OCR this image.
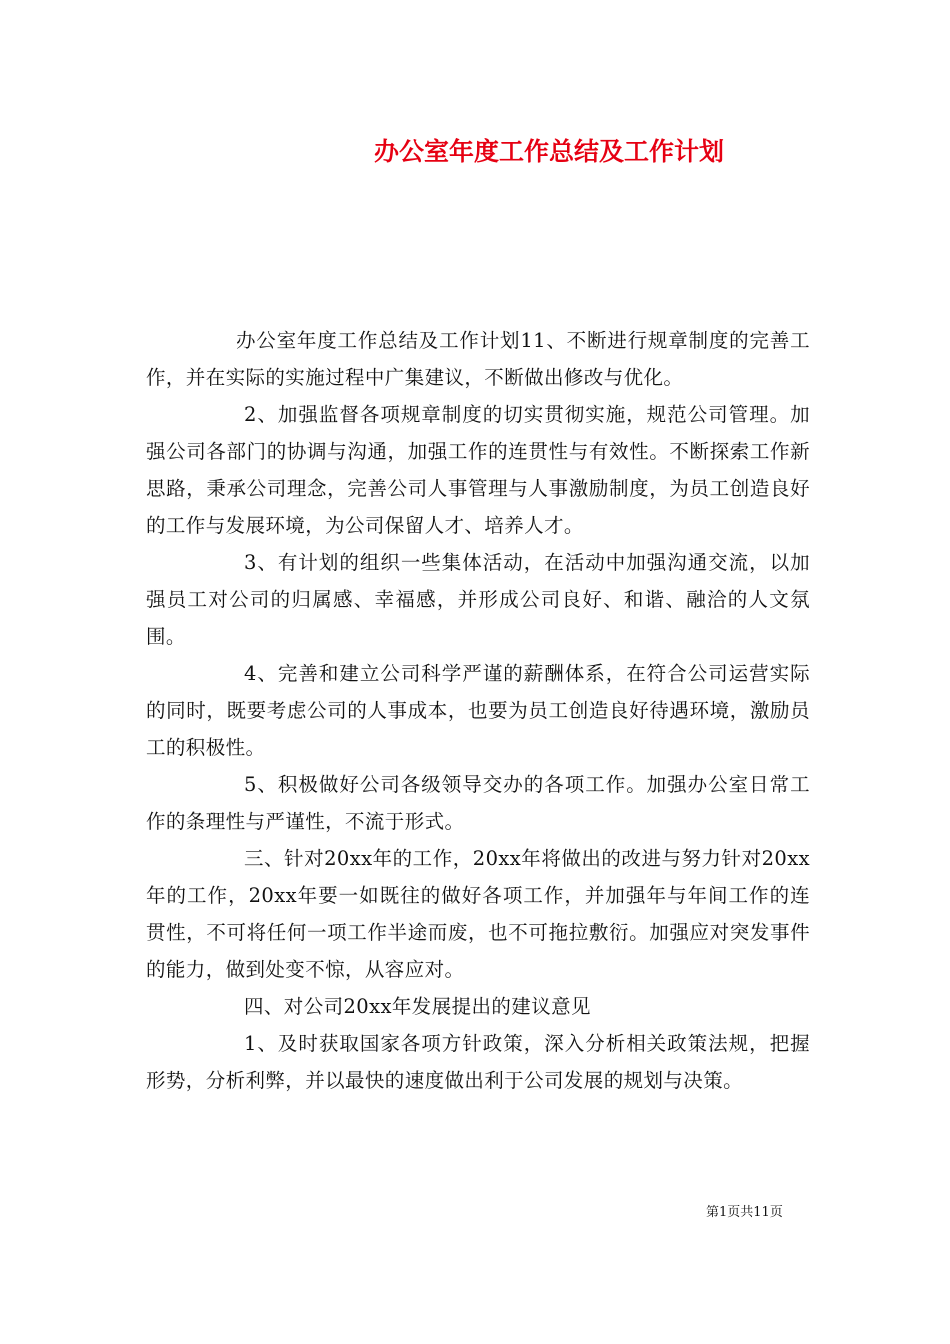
办公室年度工作总结及工作计划

办公室年度工作总结及工作计划11、不断进行规章制度的完善工作，并在实际的实施过程中广集建议，不断做出修改与优化。

2、加强监督各项规章制度的切实贯彻实施，规范公司管理。加强公司各部门的协调与沟通，加强工作的连贯性与有效性。不断探索工作新思路，秉承公司理念，完善公司人事管理与人事激励制度，为员工创造良好的工作与发展环境，为公司保留人才、培养人才。

3、有计划的组织一些集体活动，在活动中加强沟通交流，以加强员工对公司的归属感、幸福感，并形成公司良好、和谐、融洽的人文氛围。

4、完善和建立公司科学严谨的薪酬体系，在符合公司运营实际的同时，既要考虑公司的人事成本，也要为员工创造良好待遇环境，激励员工的积极性。

5、积极做好公司各级领导交办的各项工作。加强办公室日常工作的条理性与严谨性，不流于形式。

三、针对20xx年的工作，20xx年将做出的改进与努力针对20xx年的工作，20xx年要一如既往的做好各项工作，并加强年与年间工作的连贯性，不可将任何一项工作半途而废，也不可拖拉敷衍。加强应对突发事件的能力，做到处变不惊，从容应对。

四、对公司20xx年发展提出的建议意见

1、及时获取国家各项方针政策，深入分析相关政策法规，把握形势，分析利弊，并以最快的速度做出利于公司发展的规划与决策。

第1页共11页
